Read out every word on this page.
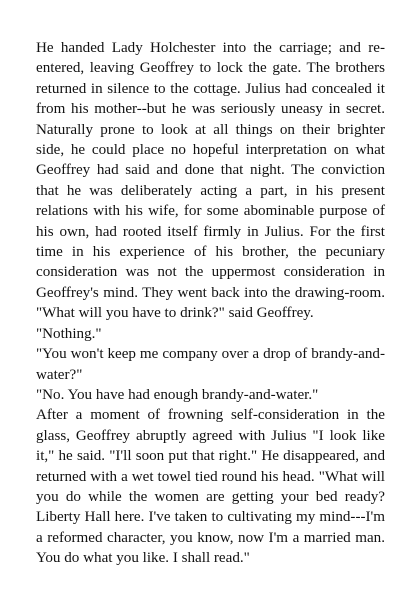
He handed Lady Holchester into the carriage; and re-entered, leaving Geoffrey to lock the gate. The brothers returned in silence to the cottage. Julius had concealed it from his mother--but he was seriously uneasy in secret. Naturally prone to look at all things on their brighter side, he could place no hopeful interpretation on what Geoffrey had said and done that night. The conviction that he was deliberately acting a part, in his present relations with his wife, for some abominable purpose of his own, had rooted itself firmly in Julius. For the first time in his experience of his brother, the pecuniary consideration was not the uppermost consideration in Geoffrey's mind. They went back into the drawing-room. "What will you have to drink?" said Geoffrey.

"Nothing."

"You won't keep me company over a drop of brandy-and-water?"

"No. You have had enough brandy-and-water."

After a moment of frowning self-consideration in the glass, Geoffrey abruptly agreed with Julius "I look like it," he said. "I'll soon put that right." He disappeared, and returned with a wet towel tied round his head. "What will you do while the women are getting your bed ready? Liberty Hall here. I've taken to cultivating my mind---I'm a reformed character, you know, now I'm a married man. You do what you like. I shall read."
